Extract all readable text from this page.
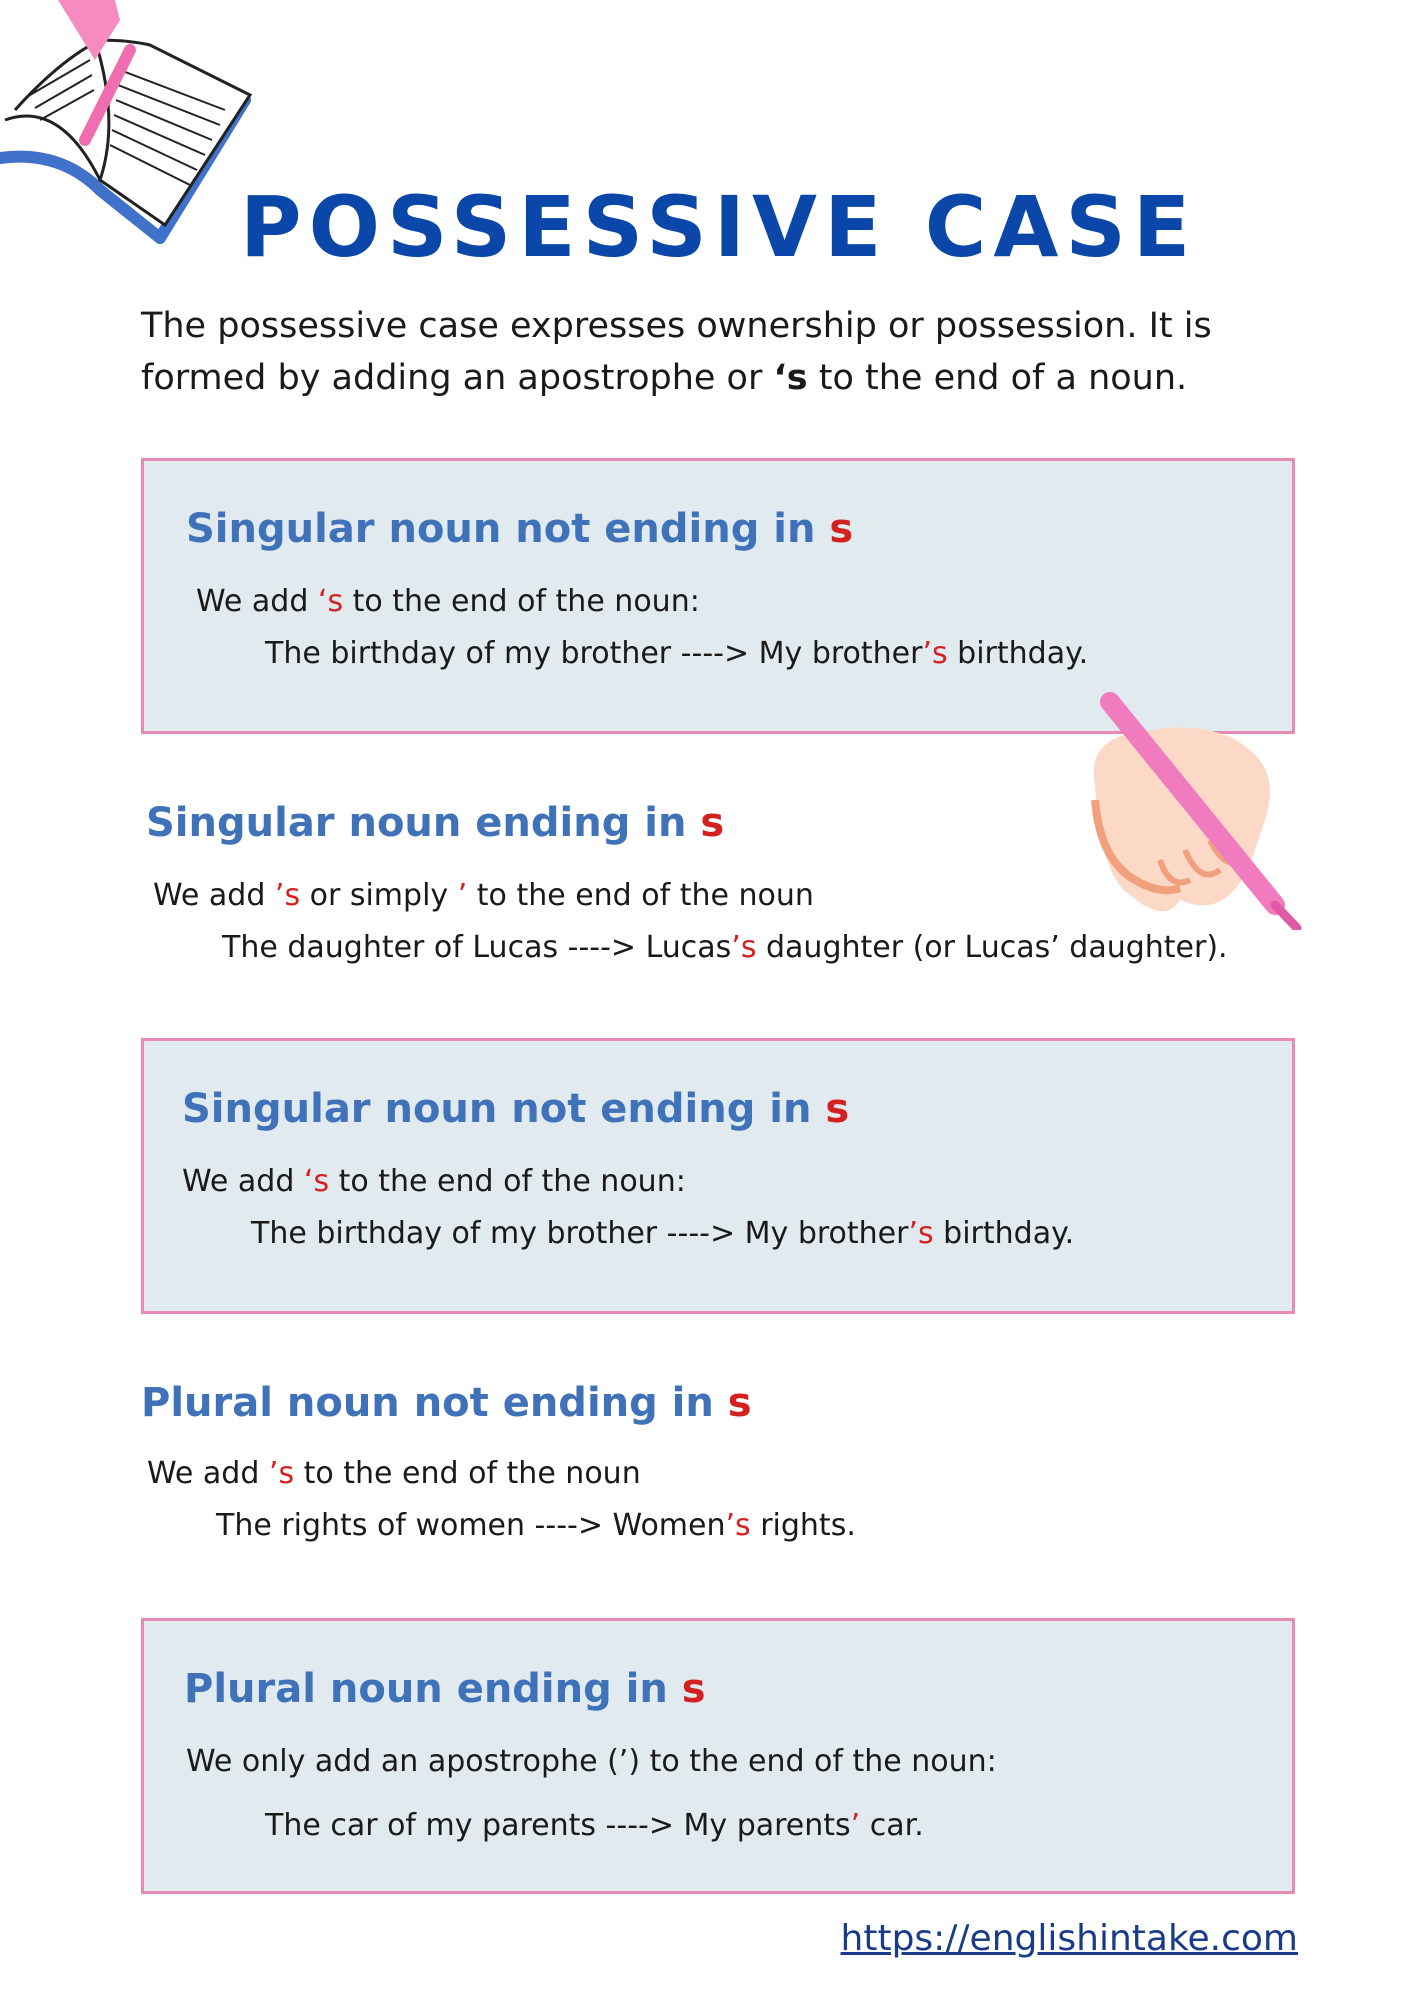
POSSESSIVE CASE
The possessive case expresses ownership or possession. It is formed by adding an apostrophe or ‘s to the end of a noun.
Singular noun not ending in s
We add ‘s to the end of the noun:
The birthday of my brother ----> My brother’s birthday.
Singular noun ending in s
We add ’s or simply ’ to the end of the noun
The daughter of Lucas ----> Lucas’s daughter (or Lucas’ daughter).
Singular noun not ending in s
We add ‘s to the end of the noun:
The birthday of my brother ----> My brother’s birthday.
Plural noun not ending in s
We add ’s to the end of the noun
The rights of women ----> Women’s rights.
Plural noun ending in s
We only add an apostrophe (’) to the end of the noun:
The car of my parents ----> My parents’ car.
https://englishintake.com
